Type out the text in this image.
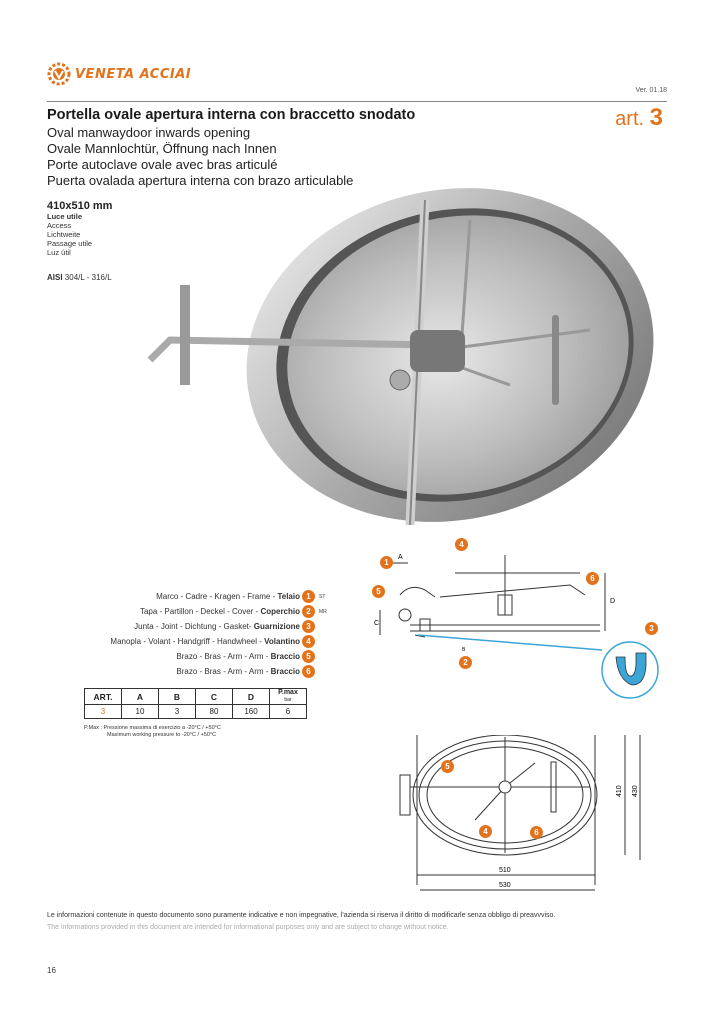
VENETA ACCIAI
Ver. 01.18
art. 3
Portella ovale apertura interna con braccetto snodato
Oval manwaydoor inwards opening
Ovale Mannlochtür, Öffnung nach Innen
Porte autoclave ovale avec bras articulé
Puerta ovalada apertura interna con brazo articulable
410x510 mm
Luce utile
Access
Lichtweite
Passage utile
Luz útil
AISI 304/L - 316/L
Marco - Cadre - Kragen - Frame - Telaio 1	ST
Tapa - Partillon - Deckel - Cover - Coperchio 2	MR
Junta - Joint - Dichtung - Gasket- Guarnizione 3
Manopla - Volant - Handgriff - Handwheel - Volantino 4
Brazo - Bras - Arm - Arm - Braccio 5
Brazo - Bras - Arm - Arm - Braccio 6
ART.	A	B	C	D	P.max
bar
3	10	3	80	160	6
P.Max : Pressione massima di esercizio a -20°C / +50°C
Maximum working pressure to -20°C / +50°C
A
C
D
B
1
4
5
6
3
2
510
530
410 430
5
4	6
Le informazioni contenute in questo documento sono puramente indicative e non impegnative, l'azienda si riserva il diritto di modificarle senza obbligo di preavvviso.
The informations provided in this document are intended for informational purposes only and are subject to change without notice.
16
